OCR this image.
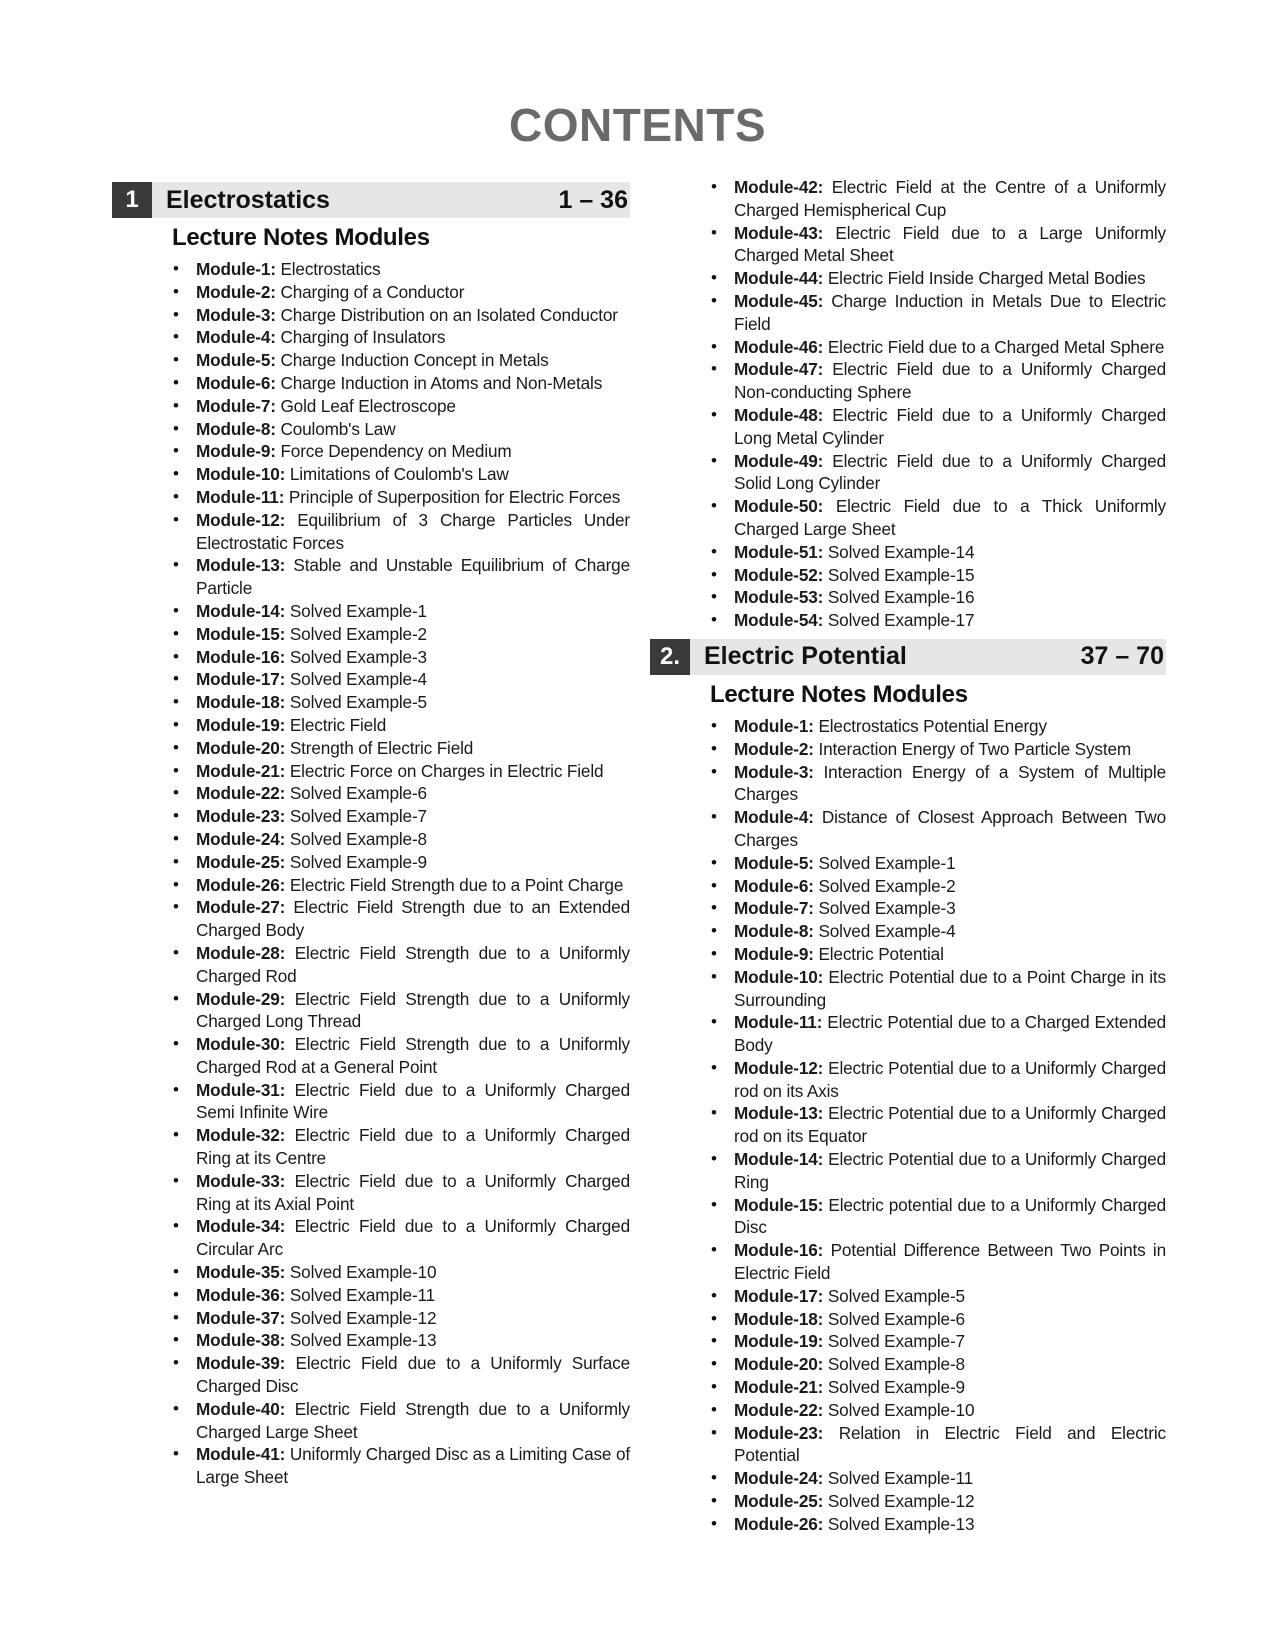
CONTENTS
1	Electrostatics	1 – 36
Lecture Notes Modules
• Module-1: Electrostatics
• Module-2: Charging of a Conductor
• Module-3: Charge Distribution on an Isolated Conductor
• Module-4: Charging of Insulators
• Module-5: Charge Induction Concept in Metals
• Module-6: Charge Induction in Atoms and Non-Metals
• Module-7: Gold Leaf Electroscope
• Module-8: Coulomb's Law
• Module-9: Force Dependency on Medium
• Module-10: Limitations of Coulomb's Law
• Module-11: Principle of Superposition for Electric Forces
• Module-12: Equilibrium of 3 Charge Particles Under Electrostatic Forces
• Module-13: Stable and Unstable Equilibrium of Charge Particle
• Module-14: Solved Example-1
• Module-15: Solved Example-2
• Module-16: Solved Example-3
• Module-17: Solved Example-4
• Module-18: Solved Example-5
• Module-19: Electric Field
• Module-20: Strength of Electric Field
• Module-21: Electric Force on Charges in Electric Field
• Module-22: Solved Example-6
• Module-23: Solved Example-7
• Module-24: Solved Example-8
• Module-25: Solved Example-9
• Module-26: Electric Field Strength due to a Point Charge
• Module-27: Electric Field Strength due to an Extended Charged Body
• Module-28: Electric Field Strength due to a Uniformly Charged Rod
• Module-29: Electric Field Strength due to a Uniformly Charged Long Thread
• Module-30: Electric Field Strength due to a Uniformly Charged Rod at a General Point
• Module-31: Electric Field due to a Uniformly Charged Semi Infinite Wire
• Module-32: Electric Field due to a Uniformly Charged Ring at its Centre
• Module-33: Electric Field due to a Uniformly Charged Ring at its Axial Point
• Module-34: Electric Field due to a Uniformly Charged Circular Arc
• Module-35: Solved Example-10
• Module-36: Solved Example-11
• Module-37: Solved Example-12
• Module-38: Solved Example-13
• Module-39: Electric Field due to a Uniformly Surface Charged Disc
• Module-40: Electric Field Strength due to a Uniformly Charged Large Sheet
• Module-41: Uniformly Charged Disc as a Limiting Case of Large Sheet
• Module-42: Electric Field at the Centre of a Uniformly Charged Hemispherical Cup
• Module-43: Electric Field due to a Large Uniformly Charged Metal Sheet
• Module-44: Electric Field Inside Charged Metal Bodies
• Module-45: Charge Induction in Metals Due to Electric Field
• Module-46: Electric Field due to a Charged Metal Sphere
• Module-47: Electric Field due to a Uniformly Charged Non-conducting Sphere
• Module-48: Electric Field due to a Uniformly Charged Long Metal Cylinder
• Module-49: Electric Field due to a Uniformly Charged Solid Long Cylinder
• Module-50: Electric Field due to a Thick Uniformly Charged Large Sheet
• Module-51: Solved Example-14
• Module-52: Solved Example-15
• Module-53: Solved Example-16
• Module-54: Solved Example-17
2. Electric Potential	37 – 70
Lecture Notes Modules
• Module-1: Electrostatics Potential Energy
• Module-2: Interaction Energy of Two Particle System
• Module-3: Interaction Energy of a System of Multiple Charges
• Module-4: Distance of Closest Approach Between Two Charges
• Module-5: Solved Example-1
• Module-6: Solved Example-2
• Module-7: Solved Example-3
• Module-8: Solved Example-4
• Module-9: Electric Potential
• Module-10: Electric Potential due to a Point Charge in its Surrounding
• Module-11: Electric Potential due to a Charged Extended Body
• Module-12: Electric Potential due to a Uniformly Charged rod on its Axis
• Module-13: Electric Potential due to a Uniformly Charged rod on its Equator
• Module-14: Electric Potential due to a Uniformly Charged Ring
• Module-15: Electric potential due to a Uniformly Charged Disc
• Module-16: Potential Difference Between Two Points in Electric Field
• Module-17: Solved Example-5
• Module-18: Solved Example-6
• Module-19: Solved Example-7
• Module-20: Solved Example-8
• Module-21: Solved Example-9
• Module-22: Solved Example-10
• Module-23: Relation in Electric Field and Electric Potential
• Module-24: Solved Example-11
• Module-25: Solved Example-12
• Module-26: Solved Example-13
